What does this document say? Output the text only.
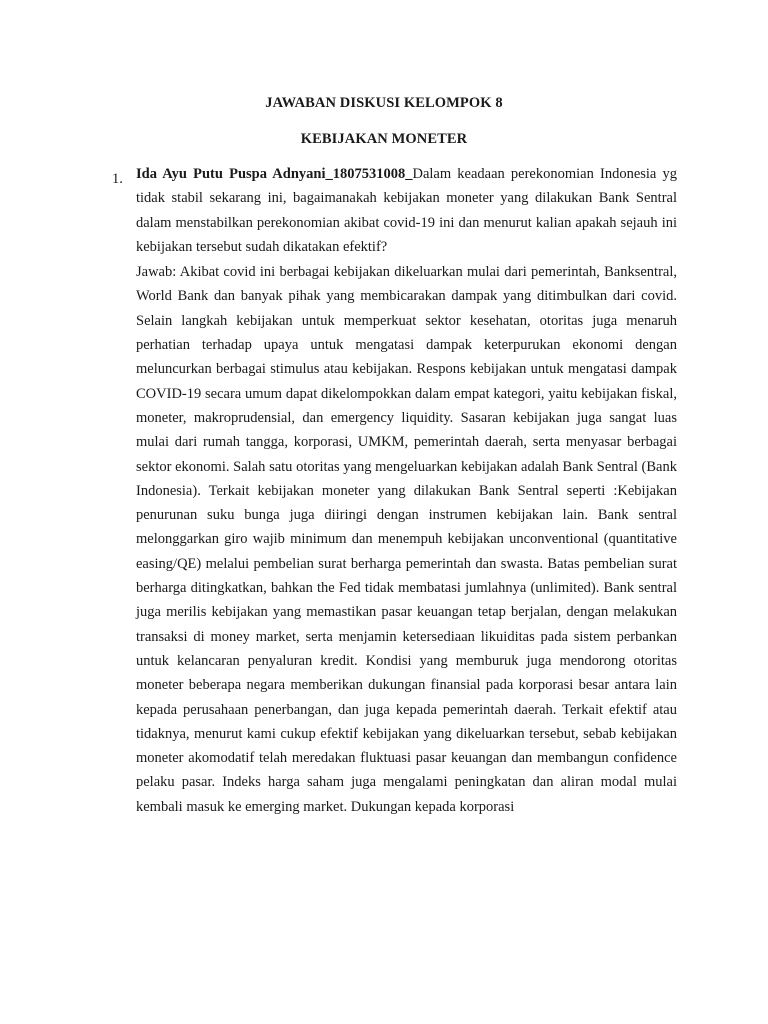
JAWABAN DISKUSI KELOMPOK 8
KEBIJAKAN MONETER
1. Ida Ayu Putu Puspa Adnyani_1807531008_Dalam keadaan perekonomian Indonesia yg tidak stabil sekarang ini, bagaimanakah kebijakan moneter yang dilakukan Bank Sentral dalam menstabilkan perekonomian akibat covid-19 ini dan menurut kalian apakah sejauh ini kebijakan tersebut sudah dikatakan efektif?

Jawab: Akibat covid ini berbagai kebijakan dikeluarkan mulai dari pemerintah, Banksentral, World Bank dan banyak pihak yang membicarakan dampak yang ditimbulkan dari covid. Selain langkah kebijakan untuk memperkuat sektor kesehatan, otoritas juga menaruh perhatian terhadap upaya untuk mengatasi dampak keterpurukan ekonomi dengan meluncurkan berbagai stimulus atau kebijakan. Respons kebijakan untuk mengatasi dampak COVID-19 secara umum dapat dikelompokkan dalam empat kategori, yaitu kebijakan fiskal, moneter, makroprudensial, dan emergency liquidity. Sasaran kebijakan juga sangat luas mulai dari rumah tangga, korporasi, UMKM, pemerintah daerah, serta menyasar berbagai sektor ekonomi. Salah satu otoritas yang mengeluarkan kebijakan adalah Bank Sentral (Bank Indonesia). Terkait kebijakan moneter yang dilakukan Bank Sentral seperti :Kebijakan penurunan suku bunga juga diiringi dengan instrumen kebijakan lain. Bank sentral melonggarkan giro wajib minimum dan menempuh kebijakan unconventional (quantitative easing/QE) melalui pembelian surat berharga pemerintah dan swasta. Batas pembelian surat berharga ditingkatkan, bahkan the Fed tidak membatasi jumlahnya (unlimited). Bank sentral juga merilis kebijakan yang memastikan pasar keuangan tetap berjalan, dengan melakukan transaksi di money market, serta menjamin ketersediaan likuiditas pada sistem perbankan untuk kelancaran penyaluran kredit. Kondisi yang memburuk juga mendorong otoritas moneter beberapa negara memberikan dukungan finansial pada korporasi besar antara lain kepada perusahaan penerbangan, dan juga kepada pemerintah daerah. Terkait efektif atau tidaknya, menurut kami cukup efektif kebijakan yang dikeluarkan tersebut, sebab kebijakan moneter akomodatif telah meredakan fluktuasi pasar keuangan dan membangun confidence pelaku pasar. Indeks harga saham juga mengalami peningkatan dan aliran modal mulai kembali masuk ke emerging market. Dukungan kepada korporasi
